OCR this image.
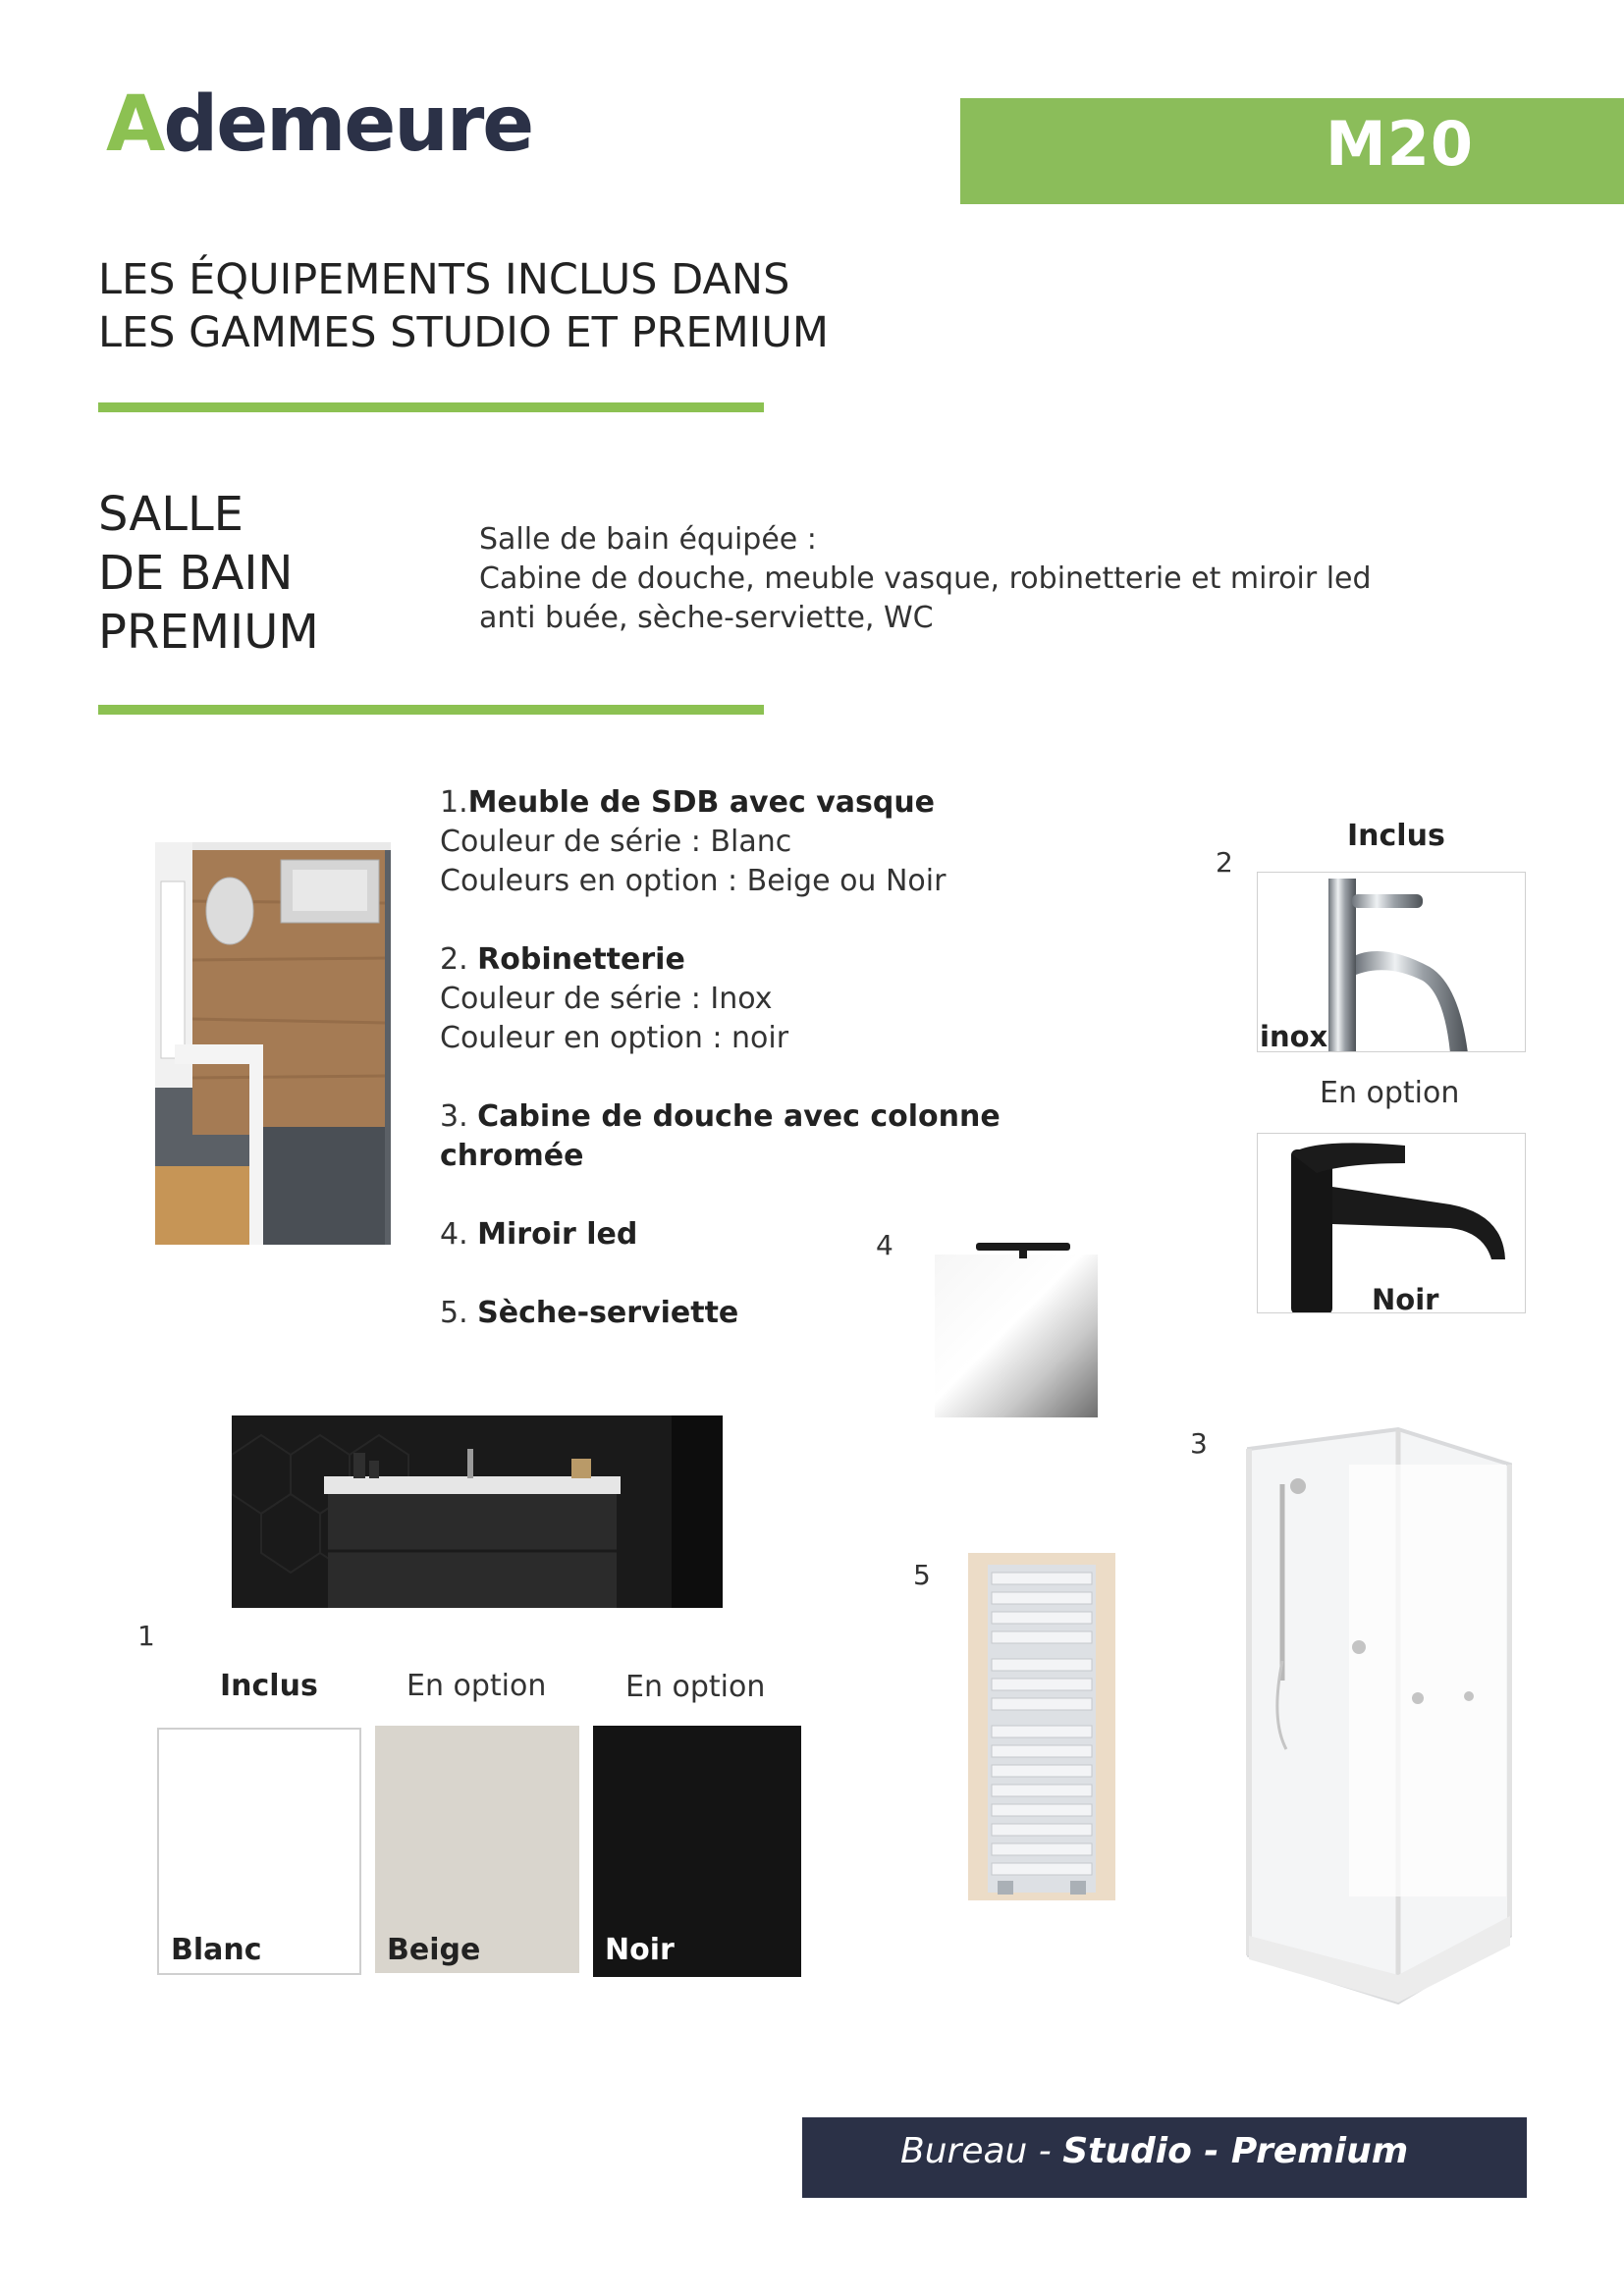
Ademeure	M20
LES ÉQUIPEMENTS INCLUS DANS
LES GAMMES STUDIO ET PREMIUM
SALLE
DE BAIN
PREMIUM
Salle de bain équipée :
Cabine de douche, meuble vasque, robinetterie et miroir led
anti buée, sèche-serviette, WC

1.Meuble de SDB avec vasque
Couleur de série : Blanc
Couleurs en option : Beige ou Noir

2. Robinetterie
Couleur de série : Inox
Couleur en option : noir

3. Cabine de douche avec colonne chromée

4. Miroir led

5. Sèche-serviette

2
Inclus
inox
En option
Noir
4
3
5
1
Inclus	En option	En option
Blanc	Beige	Noir
Bureau - Studio - Premium
